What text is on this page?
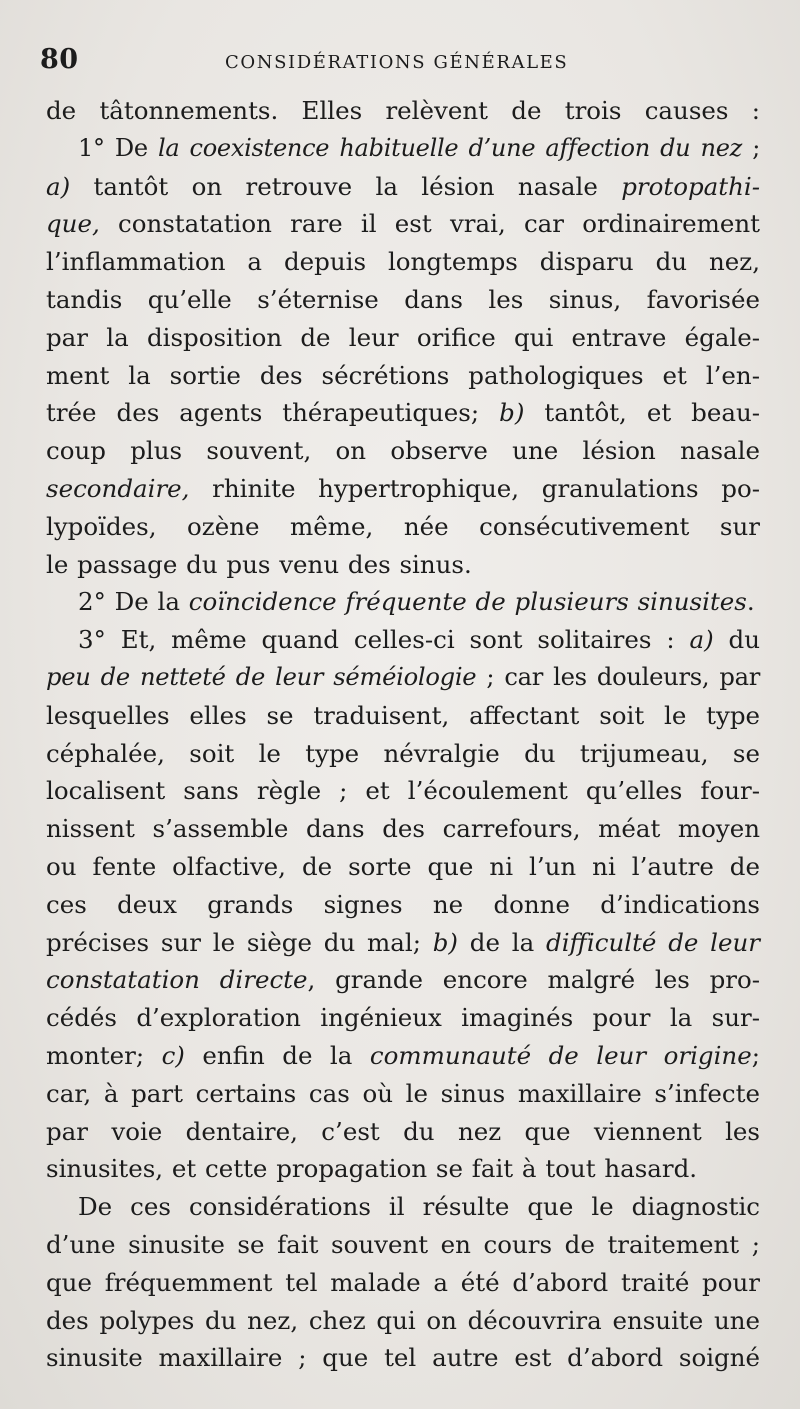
80	CONSIDÉRATIONS GÉNÉRALES
de tâtonnements. Elles relèvent de trois causes :
1° De la coexistence habituelle d’une affection du nez ;
a) tantôt on retrouve la lésion nasale protopathi-
que, constatation rare il est vrai, car ordinairement
l’inflammation a depuis longtemps disparu du nez,
tandis qu’elle s’éternise dans les sinus, favorisée
par la disposition de leur orifice qui entrave égale-
ment la sortie des sécrétions pathologiques et l’en-
trée des agents thérapeutiques; b) tantôt, et beau-
coup plus souvent, on observe une lésion nasale
secondaire, rhinite hypertrophique, granulations po-
lypoïdes, ozène même, née consécutivement sur
le passage du pus venu des sinus.
2° De la coïncidence fréquente de plusieurs sinusites.
3° Et, même quand celles-ci sont solitaires : a) du
peu de netteté de leur séméiologie ; car les douleurs, par
lesquelles elles se traduisent, affectant soit le type
céphalée, soit le type névralgie du trijumeau, se
localisent sans règle ; et l’écoulement qu’elles four-
nissent s’assemble dans des carrefours, méat moyen
ou fente olfactive, de sorte que ni l’un ni l’autre de
ces deux grands signes ne donne d’indications
précises sur le siège du mal; b) de la difficulté de leur
constatation directe, grande encore malgré les pro-
cédés d’exploration ingénieux imaginés pour la sur-
monter; c) enfin de la communauté de leur origine;
car, à part certains cas où le sinus maxillaire s’infecte
par voie dentaire, c’est du nez que viennent les
sinusites, et cette propagation se fait à tout hasard.
De ces considérations il résulte que le diagnostic
d’une sinusite se fait souvent en cours de traitement ;
que fréquemment tel malade a été d’abord traité pour
des polypes du nez, chez qui on découvrira ensuite une
sinusite maxillaire ; que tel autre est d’abord soigné
